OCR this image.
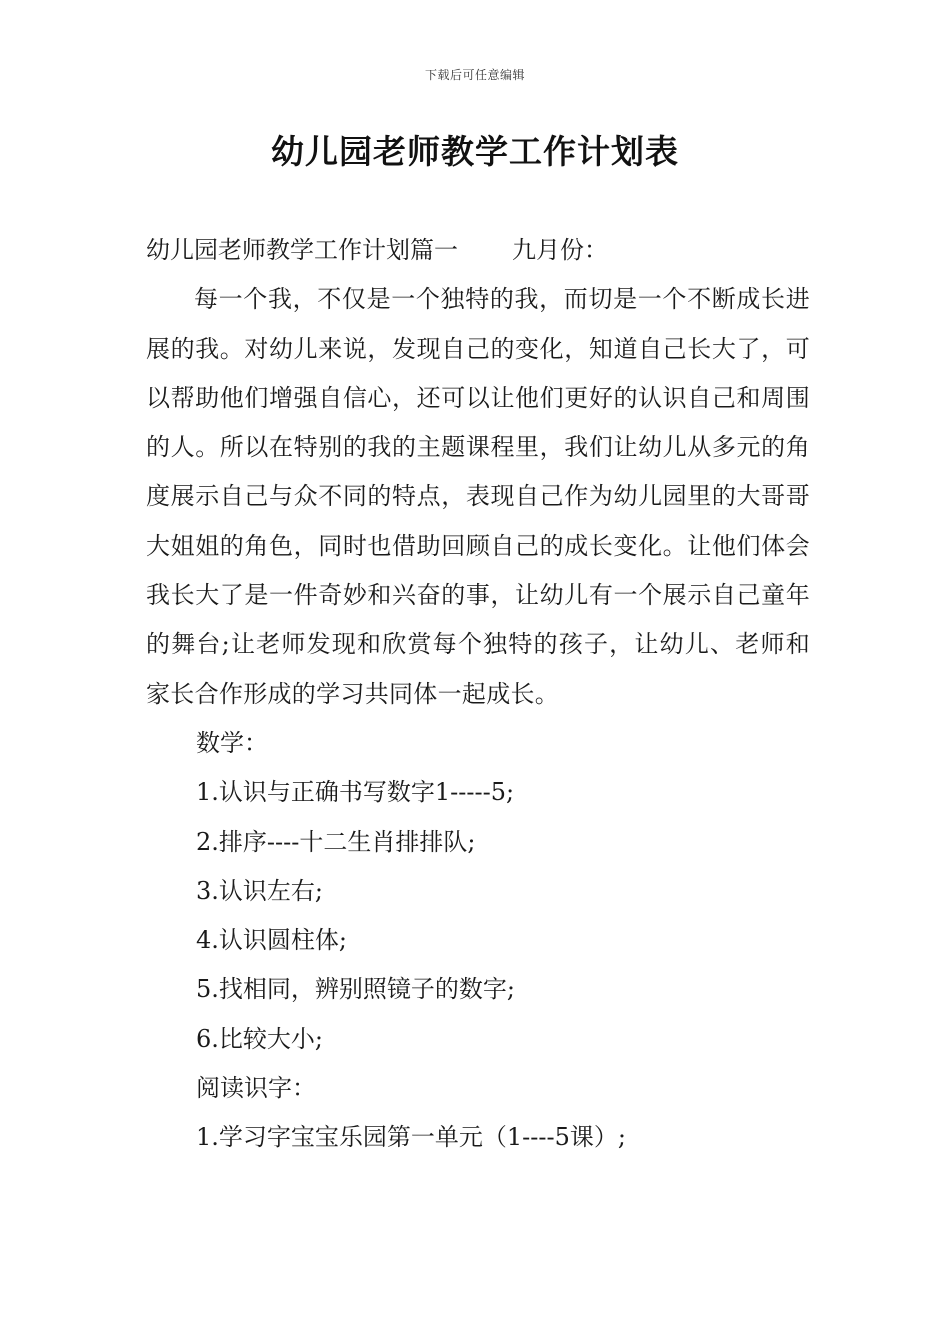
下载后可任意编辑
幼儿园老师教学工作计划表
幼儿园老师教学工作计划篇一 九月份：
每一个我，不仅是一个独特的我，而切是一个不断成长进展的我。对幼儿来说，发现自己的变化，知道自己长大了，可以帮助他们增强自信心，还可以让他们更好的认识自己和周围的人。所以在特别的我的主题课程里，我们让幼儿从多元的角度展示自己与众不同的特点，表现自己作为幼儿园里的大哥哥大姐姐的角色，同时也借助回顾自己的成长变化。让他们体会我长大了是一件奇妙和兴奋的事，让幼儿有一个展示自己童年的舞台;让老师发现和欣赏每个独特的孩子，让幼儿、老师和家长合作形成的学习共同体一起成长。
数学：
1.认识与正确书写数字1-----5;
2.排序----十二生肖排排队;
3.认识左右;
4.认识圆柱体;
5.找相同，辨别照镜子的数字;
6.比较大小;
阅读识字：
1.学习字宝宝乐园第一单元（1----5课）;
